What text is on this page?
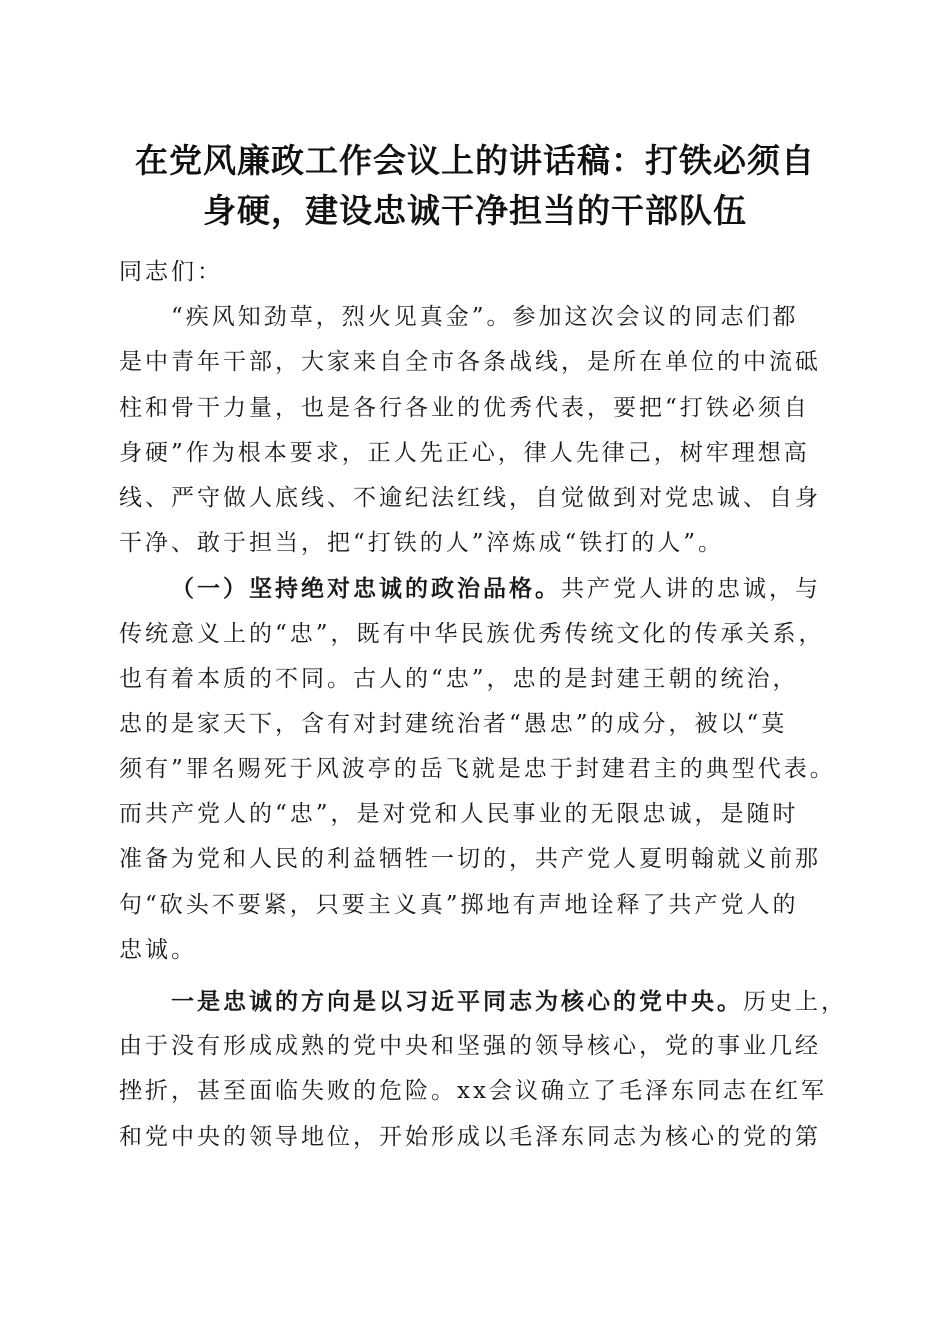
在党风廉政工作会议上的讲话稿：打铁必须自
身硬，建设忠诚干净担当的干部队伍
同志们：
“疾风知劲草，烈火见真金”。参加这次会议的同志们都
是中青年干部，大家来自全市各条战线，是所在单位的中流砥
柱和骨干力量，也是各行各业的优秀代表，要把“打铁必须自
身硬”作为根本要求，正人先正心，律人先律己，树牢理想高
线、严守做人底线、不逾纪法红线，自觉做到对党忠诚、自身
干净、敢于担当，把“打铁的人”淬炼成“铁打的人”。
（一）坚持绝对忠诚的政治品格。共产党人讲的忠诚，与
传统意义上的“忠”，既有中华民族优秀传统文化的传承关系，
也有着本质的不同。古人的“忠”，忠的是封建王朝的统治，
忠的是家天下，含有对封建统治者“愚忠”的成分，被以“莫
须有”罪名赐死于风波亭的岳飞就是忠于封建君主的典型代表。
而共产党人的“忠”，是对党和人民事业的无限忠诚，是随时
准备为党和人民的利益牺牲一切的，共产党人夏明翰就义前那
句“砍头不要紧，只要主义真”掷地有声地诠释了共产党人的
忠诚。
一是忠诚的方向是以习近平同志为核心的党中央。历史上，
由于没有形成成熟的党中央和坚强的领导核心，党的事业几经
挫折，甚至面临失败的危险。xx会议确立了毛泽东同志在红军
和党中央的领导地位，开始形成以毛泽东同志为核心的党的第
